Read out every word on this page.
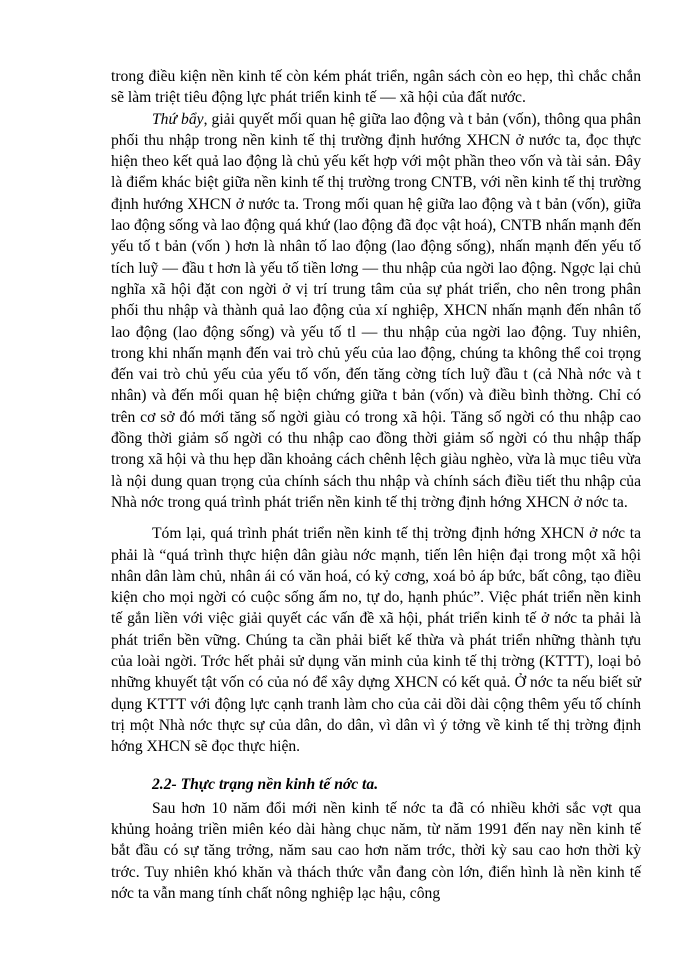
trong điều kiện nền kinh tế còn kém phát triển, ngân sách còn eo hẹp, thì chắc chắn sẽ làm triệt tiêu động lực phát triển kinh tế — xã hội của đất nước.

Thứ bẩy, giải quyết mối quan hệ giữa lao động và t bản (vốn), thông qua phân phối thu nhập trong nền kinh tế thị trường định hướng XHCN ở nước ta, đọc thực hiện theo kết quả lao động là chủ yếu kết hợp với một phần theo vốn và tài sản. Đây là điểm khác biệt giữa nền kinh tế thị trường trong CNTB, với nền kinh tế thị trường định hướng XHCN ở nước ta. Trong mối quan hệ giữa lao động và t bản (vốn), giữa lao động sống và lao động quá khứ (lao động đã đọc vật hoá), CNTB nhấn mạnh đến yếu tố t bản (vốn ) hơn là nhân tố lao động (lao động sống), nhấn mạnh đến yếu tố tích luỹ — đầu t hơn là yếu tố tiền lơng — thu nhập của ngời lao động. Ngợc lại chủ nghĩa xã hội đặt con ngời ở vị trí trung tâm của sự phát triển, cho nên trong phân phối thu nhập và thành quả lao động của xí nghiệp, XHCN nhấn mạnh đến nhân tố lao động (lao động sống) và yếu tố tl — thu nhập của ngời lao động. Tuy nhiên, trong khi nhấn mạnh đến vai trò chủ yếu của lao động, chúng ta không thể coi trọng đến vai trò chủ yếu của yếu tố vốn, đến tăng cờng tích luỹ đầu t (cả Nhà nớc và t nhân) và đến mối quan hệ biện chứng giữa t bản (vốn) và điều bình thờng. Chỉ có trên cơ sở đó mới tăng số ngời giàu có trong xã hội. Tăng số ngời có thu nhập cao đồng thời giảm số ngời có thu nhập cao đồng thời giảm số ngời có thu nhập thấp trong xã hội và thu hẹp dần khoảng cách chênh lệch giàu nghèo, vừa là mục tiêu vừa là nội dung quan trọng của chính sách thu nhập và chính sách điều tiết thu nhập của Nhà nớc trong quá trình phát triển nền kinh tế thị trờng định hớng XHCN ở nớc ta.

Tóm lại, quá trình phát triển nền kinh tế thị trờng định hớng XHCN ở nớc ta phải là “quá trình thực hiện dân giàu nớc mạnh, tiến lên hiện đại trong một xã hội nhân dân làm chủ, nhân ái có văn hoá, có kỷ cơng, xoá bỏ áp bức, bất công, tạo điều kiện cho mọi ngời có cuộc sống ấm no, tự do, hạnh phúc”. Việc phát triển nền kinh tế gắn liền với việc giải quyết các vấn đề xã hội, phát triển kinh tế ở nớc ta phải là phát triển bền vững. Chúng ta cần phải biết kế thừa và phát triển những thành tựu của loài ngời. Trớc hết phải sử dụng văn minh của kinh tế thị trờng (KTTT), loại bỏ những khuyết tật vốn có của nó để xây dựng XHCN có kết quả. Ở nớc ta nếu biết sử dụng KTTT với động lực cạnh tranh làm cho của cải dồi dài cộng thêm yếu tố chính trị một Nhà nớc thực sự của dân, do dân, vì dân vì ý tởng về kinh tế thị trờng định hớng XHCN sẽ đọc thực hiện.

2.2- Thực trạng nền kinh tế nớc ta.

Sau hơn 10 năm đổi mới nền kinh tế nớc ta đã có nhiều khởi sắc vợt qua khủng hoảng triền miên kéo dài hàng chục năm, từ năm 1991 đến nay nền kinh tế bắt đầu có sự tăng trởng, năm sau cao hơn năm trớc, thời kỳ sau cao hơn thời kỳ trớc. Tuy nhiên khó khăn và thách thức vẫn đang còn lớn, điển hình là nền kinh tế nớc ta vẫn mang tính chất nông nghiệp lạc hậu, công
